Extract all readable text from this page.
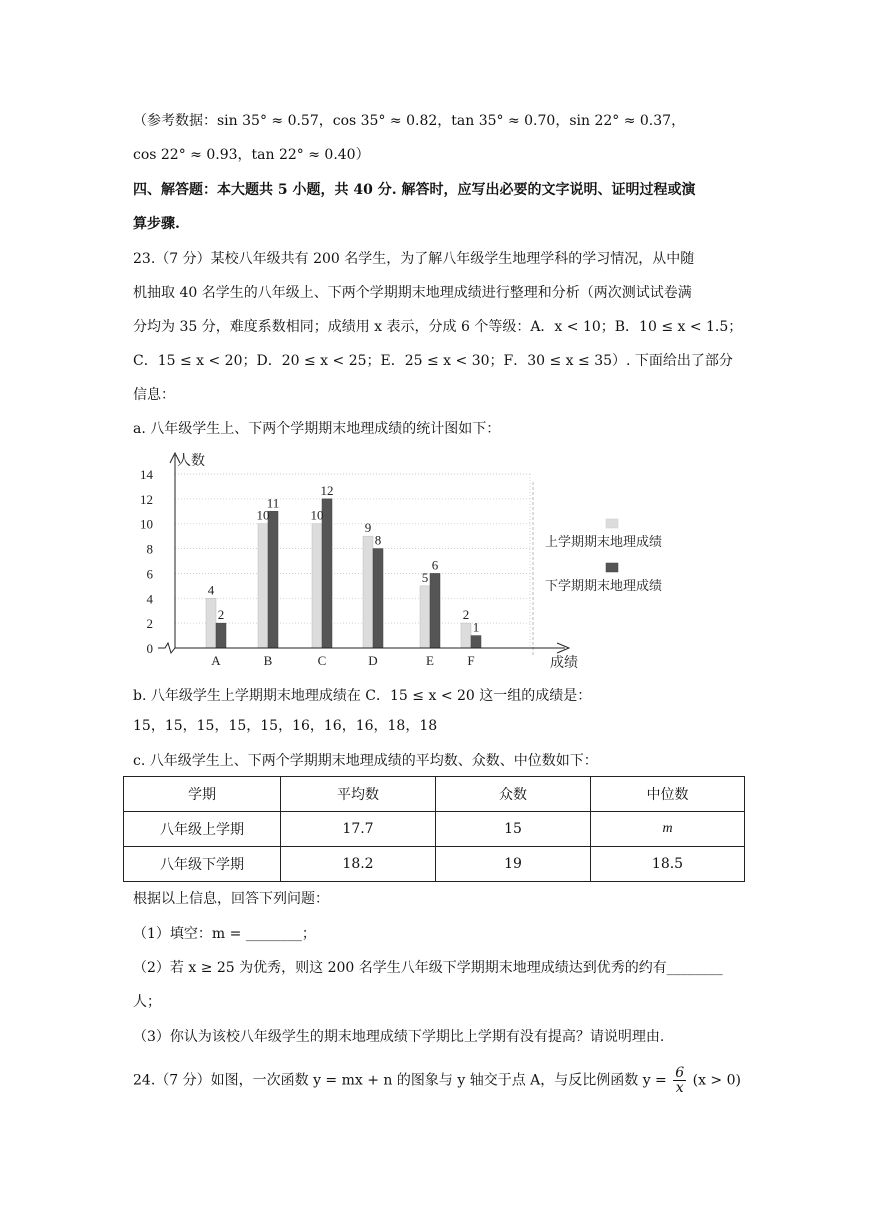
（参考数据：sin 35° ≈ 0.57，cos 35° ≈ 0.82，tan 35° ≈ 0.70，sin 22° ≈ 0.37，
cos 22° ≈ 0.93，tan 22° ≈ 0.40）
四、解答题：本大题共 5 小题，共 40 分. 解答时，应写出必要的文字说明、证明过程或演
算步骤.
23.（7 分）某校八年级共有 200 名学生，为了解八年级学生地理学科的学习情况，从中随
机抽取 40 名学生的八年级上、下两个学期期末地理成绩进行整理和分析（两次测试试卷满
分均为 35 分，难度系数相同；成绩用 x 表示，分成 6 个等级：A．x < 10；B．10 ≤ x < 1.5；
C．15 ≤ x < 20；D．20 ≤ x < 25；E．25 ≤ x < 30；F．30 ≤ x ≤ 35）. 下面给出了部分
信息：
a. 八年级学生上、下两个学期期末地理成绩的统计图如下：
0
2
4
6
8
10
12
14
4
2
A
10
11
B
10
12
C
9
8
D
5
6
E
2
1
F
人数
成绩
上学期期末地理成绩
下学期期末地理成绩
b. 八年级学生上学期期末地理成绩在 C．15 ≤ x < 20 这一组的成绩是：
15，15，15，15，15，16，16，16，18，18
c. 八年级学生上、下两个学期期末地理成绩的平均数、众数、中位数如下：
学期	平均数	众数	中位数
八年级上学期	17.7	15	m
八年级下学期	18.2	19	18.5
根据以上信息，回答下列问题：
（1）填空：m = ________；
（2）若 x ≥ 25 为优秀，则这 200 名学生八年级下学期期末地理成绩达到优秀的约有________
人；
（3）你认为该校八年级学生的期末地理成绩下学期比上学期有没有提高？请说明理由.
24.（7 分）如图，一次函数 y = mx + n 的图象与 y 轴交于点 A，与反比例函数 $y = \frac{6}{x} (x > 0)$
